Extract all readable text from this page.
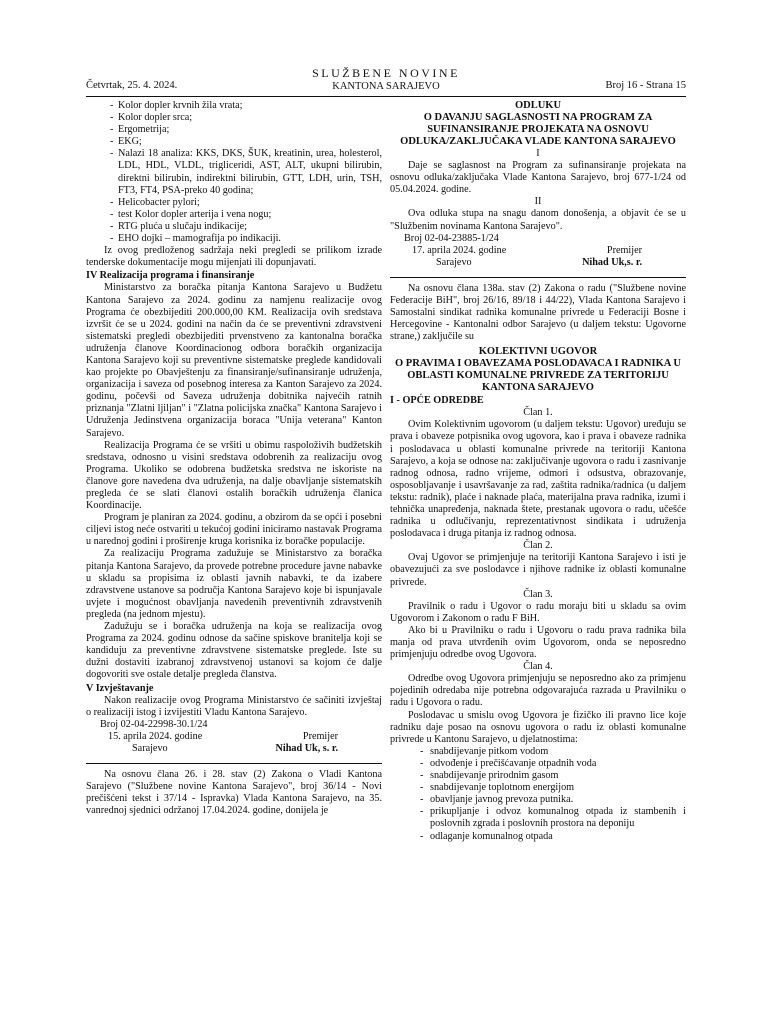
Četvrtak, 25. 4. 2024.
SLUŽBENE NOVINE
KANTONA SARAJEVO	Broj 16 - Strana 15
- Kolor dopler krvnih žila vrata;
- Kolor dopler srca;
- Ergometrija;
- EKG;
- Nalazi 18 analiza: KKS, DKS, ŠUK, kreatinin, urea, holesterol, LDL, HDL, VLDL, trigliceridi, AST, ALT, ukupni bilirubin, direktni bilirubin, indirektni bilirubin, GTT, LDH, urin, TSH, FT3, FT4, PSA-preko 40 godina;
- Helicobacter pylori;
- test Kolor dopler arterija i vena nogu;
- RTG pluća u slučaju indikacije;
- EHO dojki – mamografija po indikaciji.

Iz ovog predloženog sadržaja neki pregledi se prilikom izrade tenderske dokumentacije mogu mijenjati ili dopunjavati.

IV Realizacija programa i finansiranje

Ministarstvo za boračka pitanja Kantona Sarajevo u Budžetu Kantona Sarajevo za 2024. godinu za namjenu realizacije ovog Programa će obezbijediti 200.000,00 KM. Realizacija ovih sredstava izvršit će se u 2024. godini na način da će se preventivni zdravstveni sistematski pregledi obezbijediti prvenstveno za kantonalna boračka udruženja članove Koordinacionog odbora boračkih organizacija Kantona Sarajevo koji su preventivne sistematske preglede kandidovali kao projekte po Obavještenju za finansiranje/sufinansiranje udruženja, organizacija i saveza od posebnog interesa za Kanton Sarajevo za 2024. godinu, počevši od Saveza udruženja dobitnika najvećih ratnih priznanja "Zlatni ljiljan" i "Zlatna policijska značka" Kantona Sarajevo i Udruženja Jedinstvena organizacija boraca "Unija veterana" Kanton Sarajevo.

Realizacija Programa će se vršiti u obimu raspoloživih budžetskih sredstava, odnosno u visini sredstava odobrenih za realizaciju ovog Programa. Ukoliko se odobrena budžetska sredstva ne iskoriste na članove gore navedena dva udruženja, na dalje obavljanje sistematskih pregleda će se slati članovi ostalih boračkih udruženja članica Koordinacije.

Program je planiran za 2024. godinu, a obzirom da se opći i posebni ciljevi istog neće ostvariti u tekućoj godini iniciramo nastavak Programa u narednoj godini i proširenje kruga korisnika iz boračke populacije.

Za realizaciju Programa zadužuje se Ministarstvo za boračka pitanja Kantona Sarajevo, da provede potrebne procedure javne nabavke u skladu sa propisima iz oblasti javnih nabavki, te da izabere zdravstvene ustanove sa područja Kantona Sarajevo koje bi ispunjavale uvjete i mogućnost obavljanja navedenih preventivnih zdravstvenih pregleda (na jednom mjestu).

Zadužuju se i boračka udruženja na koja se realizacija ovog Programa za 2024. godinu odnose da sačine spiskove branitelja koji se kandiduju za preventivne zdravstvene sistematske preglede. Iste su dužni dostaviti izabranoj zdravstvenoj ustanovi sa kojom će dalje dogovoriti sve ostale detalje pregleda članstva.

V Izvještavanje

Nakon realizacije ovog Programa Ministarstvo će sačiniti izvještaj o realizaciji istog i izvijestiti Vladu Kantona Sarajevo.

Broj 02-04-22998-30.1/24
15. aprila 2024. godine
Sarajevo
Premijer
Nihad Uk, s. r.

Na osnovu člana 26. i 28. stav (2) Zakona o Vladi Kantona Sarajevo ("Službene novine Kantona Sarajevo", broj 36/14 - Novi prečišćeni tekst i 37/14 - Ispravka) Vlada Kantona Sarajevo, na 35. vanrednoj sjednici održanoj 17.04.2024. godine, donijela je

ODLUKU

O DAVANJU SAGLASNOSTI NA PROGRAM ZA SUFINANSIRANJE PROJEKATA NA OSNOVU ODLUKA/ZAKLJUČAKA VLADE KANTONA SARAJEVO

I

Daje se saglasnost na Program za sufinansiranje projekata na osnovu odluka/zaključaka Vlade Kantona Sarajevo, broj 677-1/24 od 05.04.2024. godine.

II

Ova odluka stupa na snagu danom donošenja, a objavit će se u "Službenim novinama Kantona Sarajevo".

Broj 02-04-23885-1/24
17. aprila 2024. godine
Sarajevo
Premijer
Nihad Uk,s. r.

Na osnovu člana 138a. stav (2) Zakona o radu ("Službene novine Federacije BiH", broj 26/16, 89/18 i 44/22), Vlada Kantona Sarajevo i Samostalni sindikat radnika komunalne privrede u Federaciji Bosne i Hercegovine - Kantonalni odbor Sarajevo (u daljem tekstu: Ugovorne strane,) zaključile su

KOLEKTIVNI UGOVOR

O PRAVIMA I OBAVEZAMA POSLODAVACA I RADNIKA U OBLASTI KOMUNALNE PRIVREDE ZA TERITORIJU KANTONA SARAJEVO

I - OPĆE ODREDBE

Član 1.

Ovim Kolektivnim ugovorom (u daljem tekstu: Ugovor) uređuju se prava i obaveze potpisnika ovog ugovora, kao i prava i obaveze radnika i poslodavaca u oblasti komunalne privrede na teritoriji Kantona Sarajevo, a koja se odnose na: zaključivanje ugovora o radu i zasnivanje radnog odnosa, radno vrijeme, odmori i odsustva, obrazovanje, osposobljavanje i usavršavanje za rad, zaštita radnika/radnica (u daljem tekstu: radnik), plaće i naknade plaća, materijalna prava radnika, izumi i tehnička unapređenja, naknada štete, prestanak ugovora o radu, učešće radnika u odlučivanju, reprezentativnost sindikata i udruženja poslodavaca i druga pitanja iz radnog odnosa.

Član 2.

Ovaj Ugovor se primjenjuje na teritoriji Kantona Sarajevo i isti je obavezujući za sve poslodavce i njihove radnike iz oblasti komunalne privrede.

Član 3.

Pravilnik o radu i Ugovor o radu moraju biti u skladu sa ovim Ugovorom i Zakonom o radu F BiH.

Ako bi u Pravilniku o radu i Ugovoru o radu prava radnika bila manja od prava utvrđenih ovim Ugovorom, onda se neposredno primjenjuju odredbe ovog Ugovora.

Član 4.

Odredbe ovog Ugovora primjenjuju se neposredno ako za primjenu pojedinih odredaba nije potrebna odgovarajuća razrada u Pravilniku o radu i Ugovora o radu.

Poslodavac u smislu ovog Ugovora je fizičko ili pravno lice koje radniku daje posao na osnovu ugovora o radu iz oblasti komunalne privrede u Kantonu Sarajevo, u djelatnostima:

- snabdijevanje pitkom vodom
- odvođenje i prečišćavanje otpadnih voda
- snabdijevanje prirodnim gasom
- snabdijevanje toplotnom energijom
- obavljanje javnog prevoza putnika.
- prikupljanje i odvoz komunalnog otpada iz stambenih i poslovnih zgrada i poslovnih prostora na deponiju
- odlaganje komunalnog otpada
